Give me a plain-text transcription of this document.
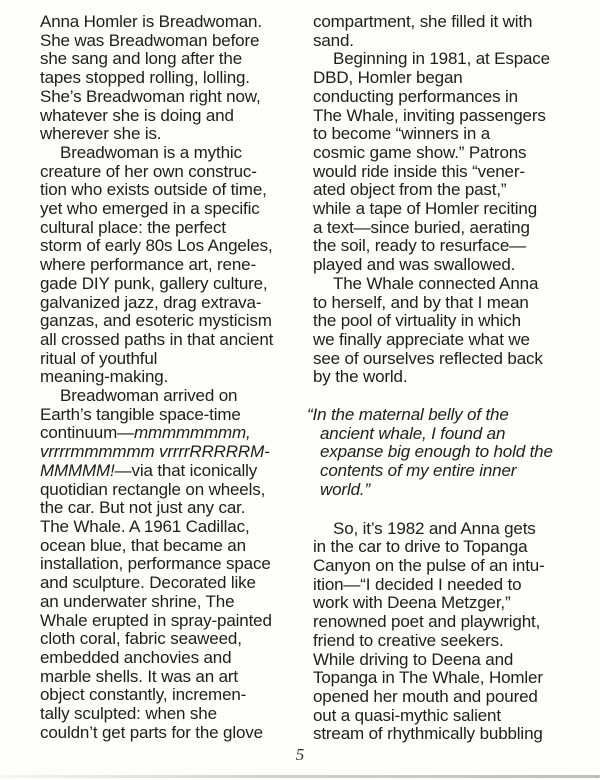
Anna Homler is Breadwoman.
She was Breadwoman before
she sang and long after the
tapes stopped rolling, lolling.
She’s Breadwoman right now,
whatever she is doing and
wherever she is.

Breadwoman is a mythic
creature of her own construc-
tion who exists outside of time,
yet who emerged in a specific
cultural place: the perfect
storm of early 80s Los Angeles,
where performance art, rene-
gade DIY punk, gallery culture,
galvanized jazz, drag extrava-
ganzas, and esoteric mysticism
all crossed paths in that ancient
ritual of youthful
meaning-making.

Breadwoman arrived on
Earth’s tangible space-time
continuum—mmmmmmmm,
vrrrrmmmmmm vrrrrRRRRRM-
MMMMM!—via that iconically
quotidian rectangle on wheels,
the car. But not just any car.
The Whale. A 1961 Cadillac,
ocean blue, that became an
installation, performance space
and sculpture. Decorated like
an underwater shrine, The
Whale erupted in spray-painted
cloth coral, fabric seaweed,
embedded anchovies and
marble shells. It was an art
object constantly, incremen-
tally sculpted: when she
couldn’t get parts for the glove

compartment, she filled it with
sand.

Beginning in 1981, at Espace
DBD, Homler began
conducting performances in
The Whale, inviting passengers
to become “winners in a
cosmic game show.” Patrons
would ride inside this “vener-
ated object from the past,”
while a tape of Homler reciting
a text—since buried, aerating
the soil, ready to resurface—
played and was swallowed.

The Whale connected Anna
to herself, and by that I mean
the pool of virtuality in which
we finally appreciate what we
see of ourselves reflected back
by the world.

“In the maternal belly of the
ancient whale, I found an
expanse big enough to hold the
contents of my entire inner
world.”

So, it’s 1982 and Anna gets
in the car to drive to Topanga
Canyon on the pulse of an intu-
ition—“I decided I needed to
work with Deena Metzger,”
renowned poet and playwright,
friend to creative seekers.
While driving to Deena and
Topanga in The Whale, Homler
opened her mouth and poured
out a quasi-mythic salient
stream of rhythmically bubbling

5
